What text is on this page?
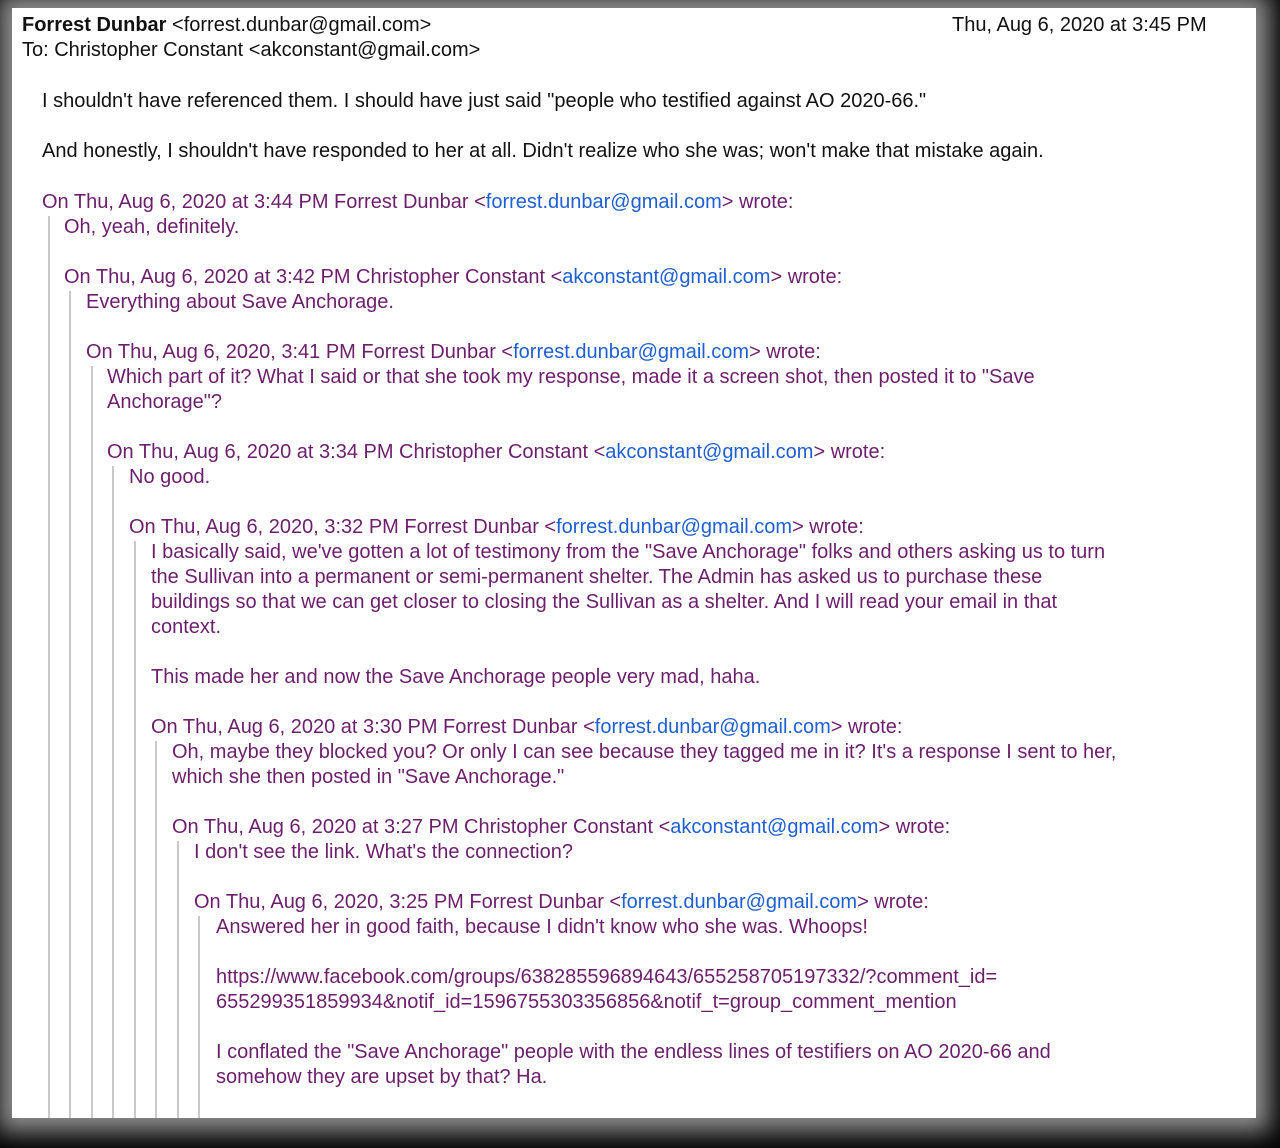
Forrest Dunbar <forrest.dunbar@gmail.com>	Thu, Aug 6, 2020 at 3:45 PM
To: Christopher Constant <akconstant@gmail.com>
I shouldn't have referenced them. I should have just said "people who testified against AO 2020-66."
And honestly, I shouldn't have responded to her at all. Didn't realize who she was; won't make that mistake again.
On Thu, Aug 6, 2020 at 3:44 PM Forrest Dunbar <forrest.dunbar@gmail.com> wrote:
Oh, yeah, definitely.
On Thu, Aug 6, 2020 at 3:42 PM Christopher Constant <akconstant@gmail.com> wrote:
Everything about Save Anchorage.
On Thu, Aug 6, 2020, 3:41 PM Forrest Dunbar <forrest.dunbar@gmail.com> wrote:
Which part of it? What I said or that she took my response, made it a screen shot, then posted it to "Save
Anchorage"?
On Thu, Aug 6, 2020 at 3:34 PM Christopher Constant <akconstant@gmail.com> wrote:
No good.
On Thu, Aug 6, 2020, 3:32 PM Forrest Dunbar <forrest.dunbar@gmail.com> wrote:
I basically said, we've gotten a lot of testimony from the "Save Anchorage" folks and others asking us to turn
the Sullivan into a permanent or semi-permanent shelter. The Admin has asked us to purchase these
buildings so that we can get closer to closing the Sullivan as a shelter. And I will read your email in that
context.
This made her and now the Save Anchorage people very mad, haha.
On Thu, Aug 6, 2020 at 3:30 PM Forrest Dunbar <forrest.dunbar@gmail.com> wrote:
Oh, maybe they blocked you? Or only I can see because they tagged me in it? It's a response I sent to her,
which she then posted in "Save Anchorage."
On Thu, Aug 6, 2020 at 3:27 PM Christopher Constant <akconstant@gmail.com> wrote:
I don't see the link. What's the connection?
On Thu, Aug 6, 2020, 3:25 PM Forrest Dunbar <forrest.dunbar@gmail.com> wrote:
Answered her in good faith, because I didn't know who she was. Whoops!
https://www.facebook.com/groups/638285596894643/655258705197332/?comment_id=
655299351859934&notif_id=1596755303356856&notif_t=group_comment_mention
I conflated the "Save Anchorage" people with the endless lines of testifiers on AO 2020-66 and
somehow they are upset by that? Ha.
